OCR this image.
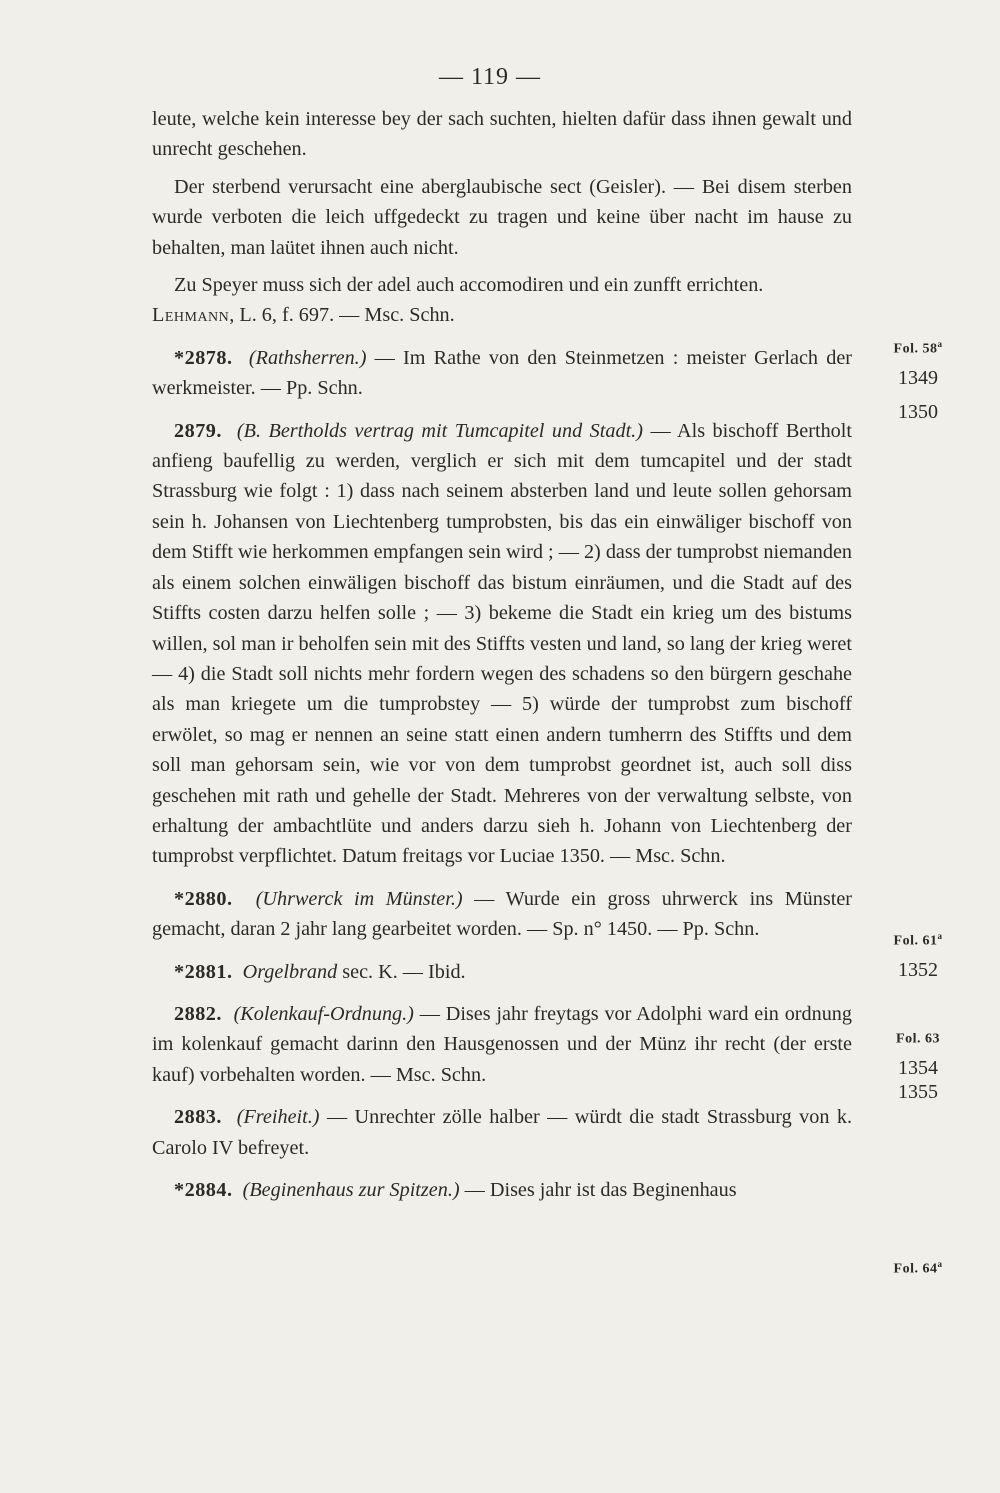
— 119 —

leute, welche kein interesse bey der sach suchten, hielten dafür dass ihnen gewalt und unrecht geschehen.

Der sterbend verursacht eine aberglaubische sect (Geisler). — Bei disem sterben wurde verboten die leich uffgedeckt zu tragen und keine über nacht im hause zu behalten, man laütet ihnen auch nicht.

Zu Speyer muss sich der adel auch accomodiren und ein zunfft errichten.
Lehmann, L. 6, f. 697. — Msc. Schn.

*2878. (Rathsherren.) — Im Rathe von den Steinmetzen : meister Gerlach der werkmeister. — Pp. Schn.

2879. (B. Bertholds vertrag mit Tumcapitel und Stadt.) — Als bischoff Bertholt anfieng baufellig zu werden, verglich er sich mit dem tumcapitel und der stadt Strassburg wie folgt : 1) dass nach seinem absterben land und leute sollen gehorsam sein h. Johansen von Liechtenberg tumprobsten, bis das ein einwäliger bischoff von dem Stifft wie herkommen empfangen sein wird ; — 2) dass der tumprobst niemanden als einem solchen einwäligen bischoff das bistum einräumen, und die Stadt auf des Stiffts costen darzu helfen solle ; — 3) bekeme die Stadt ein krieg um des bistums willen, sol man ir beholfen sein mit des Stiffts vesten und land, so lang der krieg weret — 4) die Stadt soll nichts mehr fordern wegen des schadens so den bürgern geschahe als man kriegete um die tumprobstey — 5) würde der tumprobst zum bischoff erwölet, so mag er nennen an seine statt einen andern tumherrn des Stiffts und dem soll man gehorsam sein, wie vor von dem tumprobst geordnet ist, auch soll diss geschehen mit rath und gehelle der Stadt. Mehreres von der verwaltung selbste, von erhaltung der ambachtlüte und anders darzu sieh h. Johann von Liechtenberg der tumprobst verpflichtet. Datum freitags vor Luciae 1350. — Msc. Schn.

*2880. (Uhrwerck im Münster.) — Wurde ein gross uhrwerck ins Münster gemacht, daran 2 jahr lang gearbeitet worden. — Sp. n° 1450. — Pp. Schn.

*2881. Orgelbrand sec. K. — Ibid.

2882. (Kolenkauf-Ordnung.) — Dises jahr freytags vor Adolphi ward ein ordnung im kolenkauf gemacht darinn den Hausgenossen und der Münz ihr recht (der erste kauf) vorbehalten worden. — Msc. Schn.

2883. (Freiheit.) — Unrechter zölle halber — würdt die stadt Strassburg von k. Carolo IV befreyet.

*2884. (Beginenhaus zur Spitzen.) — Dises jahr ist das Beginenhaus

Fol. 58$^a$
1349
1350
Fol. 61$^a$
1352
Fol. 63
1354
1355
Fol. 64$^a$
